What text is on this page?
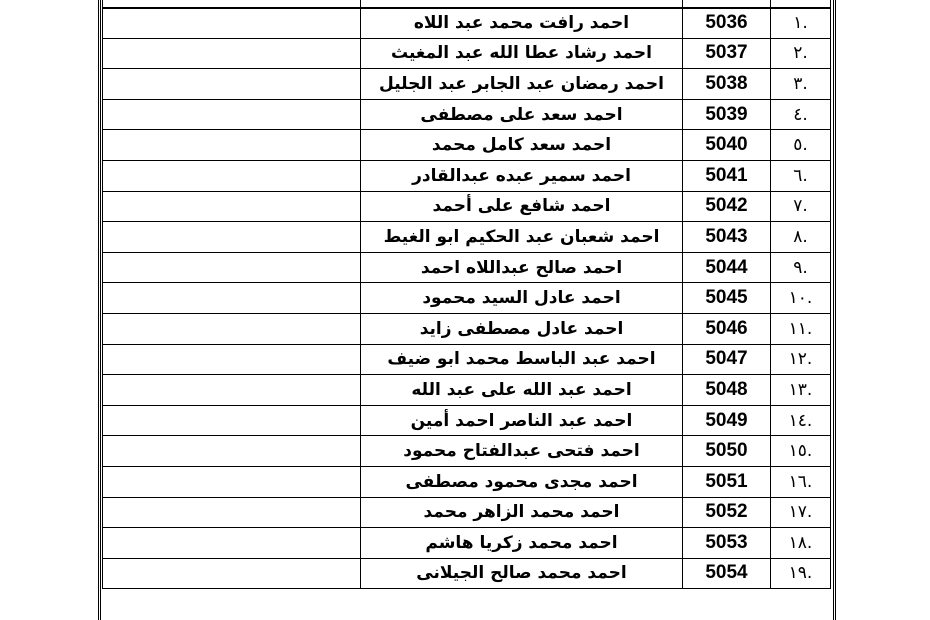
.١	5036	احمد رافت محمد عبد اللاه	
.٢	5037	احمد رشاد عطا الله عبد المغيث	
.٣	5038	احمد رمضان عبد الجابر عبد الجليل	
.٤	5039	احمد سعد على مصطفى	
.٥	5040	احمد سعد كامل محمد	
.٦	5041	احمد سمير عبده عبدالقادر	
.٧	5042	احمد شافع على أحمد	
.٨	5043	احمد شعبان عبد الحكيم ابو الغيط	
.٩	5044	احمد صالح عبداللاه احمد	
.١٠	5045	احمد عادل السيد محمود	
.١١	5046	احمد عادل مصطفى زايد	
.١٢	5047	احمد عبد الباسط محمد ابو ضيف	
.١٣	5048	احمد عبد الله على عبد الله	
.١٤	5049	احمد عبد الناصر احمد أمين	
.١٥	5050	احمد فتحى عبدالفتاح محمود	
.١٦	5051	احمد مجدى محمود مصطفى	
.١٧	5052	احمد محمد الزاهر محمد	
.١٨	5053	احمد محمد زكريا هاشم	
.١٩	5054	احمد محمد صالح الجيلانى	
